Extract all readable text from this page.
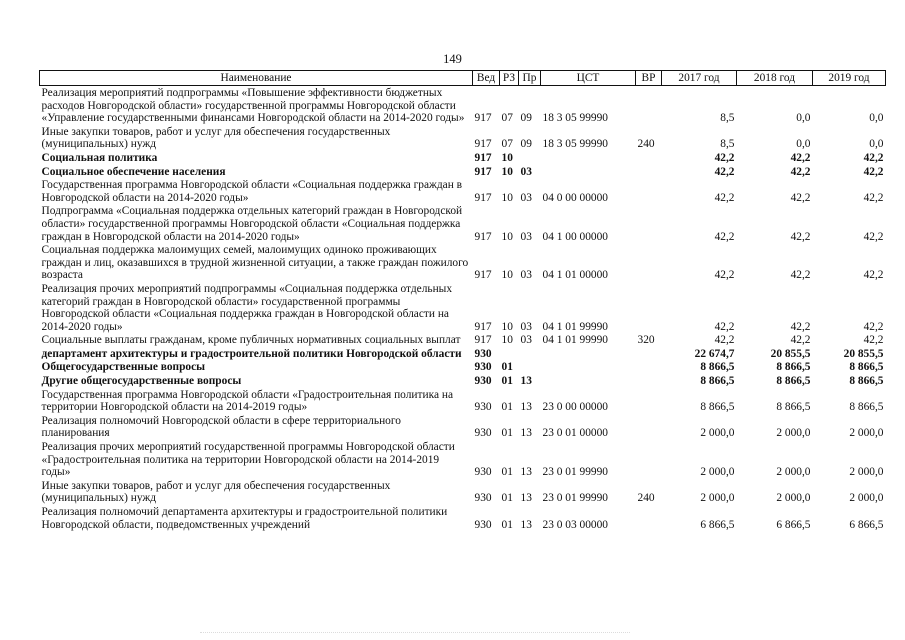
149
Наименование	Вед	РЗ	Пр	ЦСТ	ВР	2017 год	2018 год	2019 год
Реализация мероприятий подпрограммы «Повышение эффективности бюджетных расходов Новгородской области» государственной программы Новгородской области «Управление государственными финансами Новгородской области на 2014-2020 годы»	917	07	09	18 3 05 99990		8,5	0,0	0,0
Иные закупки товаров, работ и услуг для обеспечения государственных (муниципальных) нужд	917	07	09	18 3 05 99990	240	8,5	0,0	0,0
Социальная политика	917	10				42,2	42,2	42,2
Социальное обеспечение населения	917	10	03			42,2	42,2	42,2
Государственная программа Новгородской области «Социальная поддержка граждан в Новгородской области на 2014-2020 годы»	917	10	03	04 0 00 00000		42,2	42,2	42,2
Подпрограмма «Социальная поддержка отдельных категорий граждан в Новгородской области» государственной программы Новгородской области «Социальная поддержка граждан в Новгородской области на 2014-2020 годы»	917	10	03	04 1 00 00000		42,2	42,2	42,2
Социальная поддержка малоимущих семей, малоимущих одиноко проживающих граждан и лиц, оказавшихся в трудной жизненной ситуации, а также граждан пожилого возраста	917	10	03	04 1 01 00000		42,2	42,2	42,2
Реализация прочих мероприятий подпрограммы «Социальная поддержка отдельных категорий граждан в Новгородской области» государственной программы Новгородской области «Социальная поддержка граждан в Новгородской области на 2014-2020 годы»	917	10	03	04 1 01 99990		42,2	42,2	42,2
Социальные выплаты гражданам, кроме публичных нормативных социальных выплат	917	10	03	04 1 01 99990	320	42,2	42,2	42,2
департамент архитектуры и градостроительной политики Новгородской области	930					22 674,7	20 855,5	20 855,5
Общегосударственные вопросы	930	01				8 866,5	8 866,5	8 866,5
Другие общегосударственные вопросы	930	01	13			8 866,5	8 866,5	8 866,5
Государственная программа Новгородской области «Градостроительная политика на территории Новгородской области на 2014-2019 годы»	930	01	13	23 0 00 00000		8 866,5	8 866,5	8 866,5
Реализация полномочий Новгородской области в сфере территориального планирования	930	01	13	23 0 01 00000		2 000,0	2 000,0	2 000,0
Реализация прочих мероприятий государственной программы Новгородской области «Градостроительная политика на территории Новгородской области на 2014-2019 годы»	930	01	13	23 0 01 99990		2 000,0	2 000,0	2 000,0
Иные закупки товаров, работ и услуг для обеспечения государственных (муниципальных) нужд	930	01	13	23 0 01 99990	240	2 000,0	2 000,0	2 000,0
Реализация полномочий департамента архитектуры и градостроительной политики Новгородской области, подведомственных учреждений	930	01	13	23 0 03 00000		6 866,5	6 866,5	6 866,5
